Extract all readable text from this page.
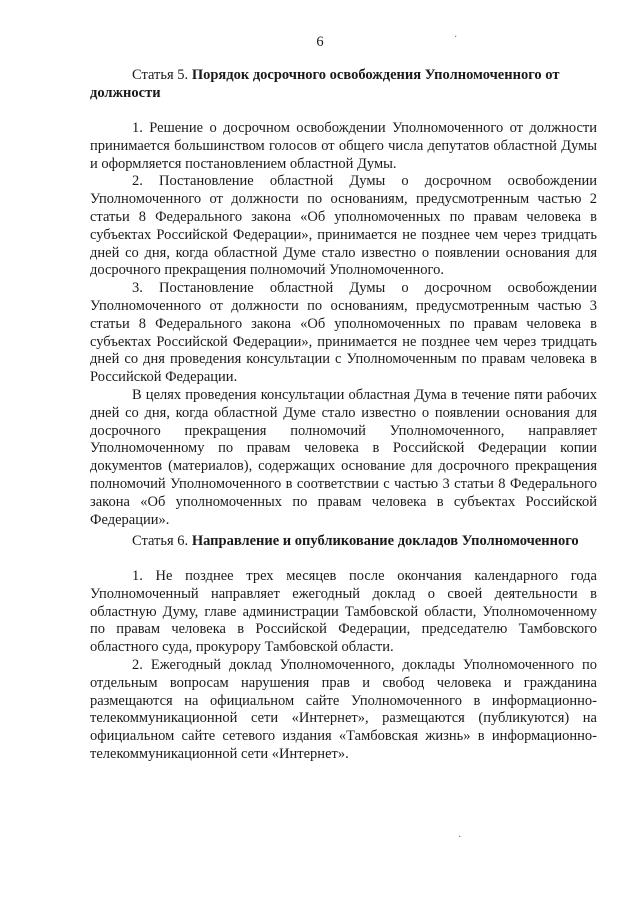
6
Статья 5. Порядок досрочного освобождения Уполномоченного от должности

1. Решение о досрочном освобождении Уполномоченного от должности принимается большинством голосов от общего числа депутатов областной Думы и оформляется постановлением областной Думы.

2. Постановление областной Думы о досрочном освобождении Уполномоченного от должности по основаниям, предусмотренным частью 2 статьи 8 Федерального закона «Об уполномоченных по правам человека в субъектах Российской Федерации», принимается не позднее чем через тридцать дней со дня, когда областной Думе стало известно о появлении основания для досрочного прекращения полномочий Уполномоченного.

3. Постановление областной Думы о досрочном освобождении Уполномоченного от должности по основаниям, предусмотренным частью 3 статьи 8 Федерального закона «Об уполномоченных по правам человека в субъектах Российской Федерации», принимается не позднее чем через тридцать дней со дня проведения консультации с Уполномоченным по правам человека в Российской Федерации.

В целях проведения консультации областная Дума в течение пяти рабочих дней со дня, когда областной Думе стало известно о появлении основания для досрочного прекращения полномочий Уполномоченного, направляет Уполномоченному по правам человека в Российской Федерации копии документов (материалов), содержащих основание для досрочного прекращения полномочий Уполномоченного в соответствии с частью 3 статьи 8 Федерального закона «Об уполномоченных по правам человека в субъектах Российской Федерации».

Статья 6. Направление и опубликование докладов Уполномоченного

1. Не позднее трех месяцев после окончания календарного года Уполномоченный направляет ежегодный доклад о своей деятельности в областную Думу, главе администрации Тамбовской области, Уполномоченному по правам человека в Российской Федерации, председателю Тамбовского областного суда, прокурору Тамбовской области.

2. Ежегодный доклад Уполномоченного, доклады Уполномоченного по отдельным вопросам нарушения прав и свобод человека и гражданина размещаются на официальном сайте Уполномоченного в информационно-телекоммуникационной сети «Интернет», размещаются (публикуются) на официальном сайте сетевого издания «Тамбовская жизнь» в информационно-телекоммуникационной сети «Интернет».

·
·
